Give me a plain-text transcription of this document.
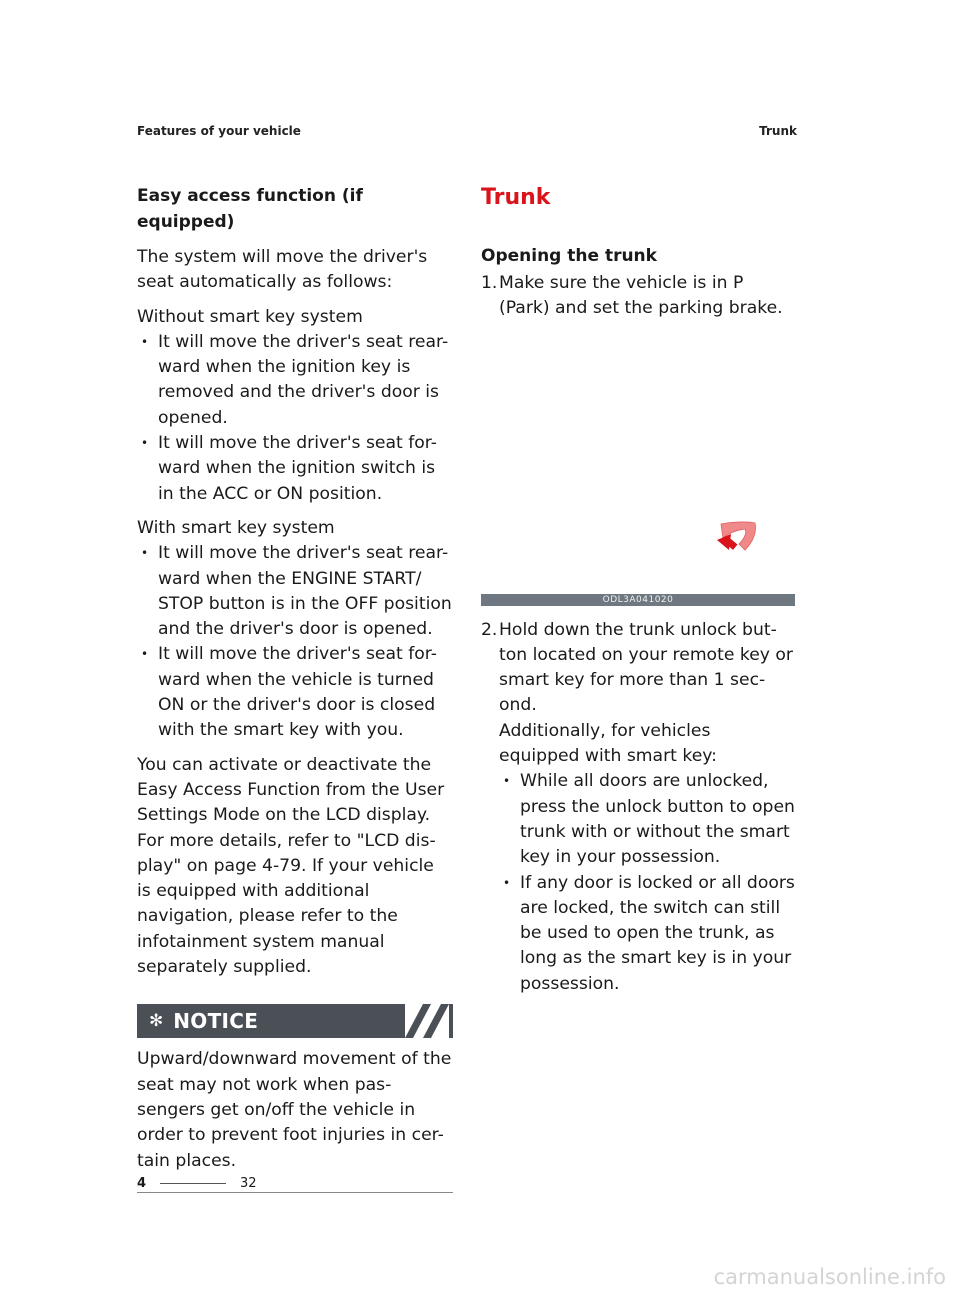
Features of your vehicle	Trunk
Easy access function (if equipped)
The system will move the driver's seat automatically as follows:
Without smart key system
• It will move the driver's seat rear-ward when the ignition key is removed and the driver's door is opened.
• It will move the driver's seat for-ward when the ignition switch is in the ACC or ON position.
With smart key system
• It will move the driver's seat rear-ward when the ENGINE START/ STOP button is in the OFF position and the driver's door is opened.
• It will move the driver's seat for-ward when the vehicle is turned ON or the driver's door is closed with the smart key with you.
You can activate or deactivate the Easy Access Function from the User Settings Mode on the LCD display. For more details, refer to "LCD dis-play" on page 4-79. If your vehicle is equipped with additional navigation, please refer to the infotainment system manual separately supplied.
✻ NOTICE
Upward/downward movement of the seat may not work when pas-sengers get on/off the vehicle in order to prevent foot injuries in cer-tain places.
Trunk
Opening the trunk
1. Make sure the vehicle is in P (Park) and set the parking brake.
ODL3A041020
2. Hold down the trunk unlock but-ton located on your remote key or smart key for more than 1 sec-ond.
Additionally, for vehicles equipped with smart key:
• While all doors are unlocked, press the unlock button to open trunk with or without the smart key in your possession.
• If any door is locked or all doors are locked, the switch can still be used to open the trunk, as long as the smart key is in your possession.
4	32
carmanualsonline.info
